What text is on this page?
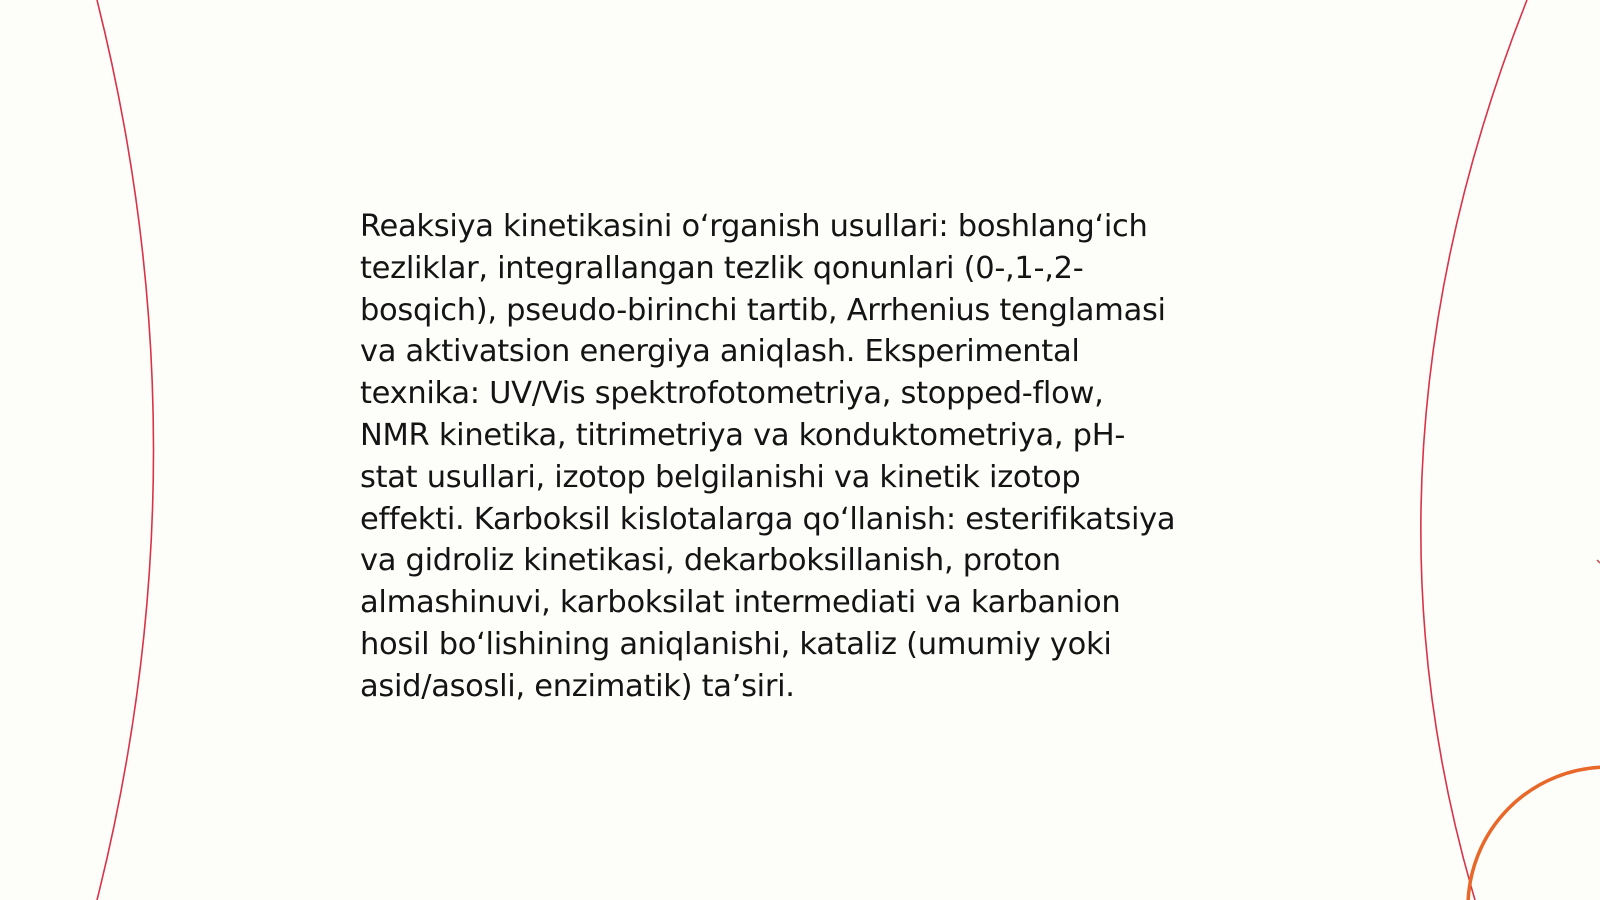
Reaksiya kinetikasini o‘rganish usullari: boshlang‘ich
tezliklar, integrallangan tezlik qonunlari (0-,1-,2-
bosqich), pseudo-birinchi tartib, Arrhenius tenglamasi
va aktivatsion energiya aniqlash. Eksperimental
texnika: UV/Vis spektrofotometriya, stopped-flow,
NMR kinetika, titrimetriya va konduktometriya, pH-
stat usullari, izotop belgilanishi va kinetik izotop
effekti. Karboksil kislotalarga qo‘llanish: esterifikatsiya
va gidroliz kinetikasi, dekarboksillanish, proton
almashinuvi, karboksilat intermediati va karbanion
hosil bo‘lishining aniqlanishi, kataliz (umumiy yoki
asid/asosli, enzimatik) ta’siri.
